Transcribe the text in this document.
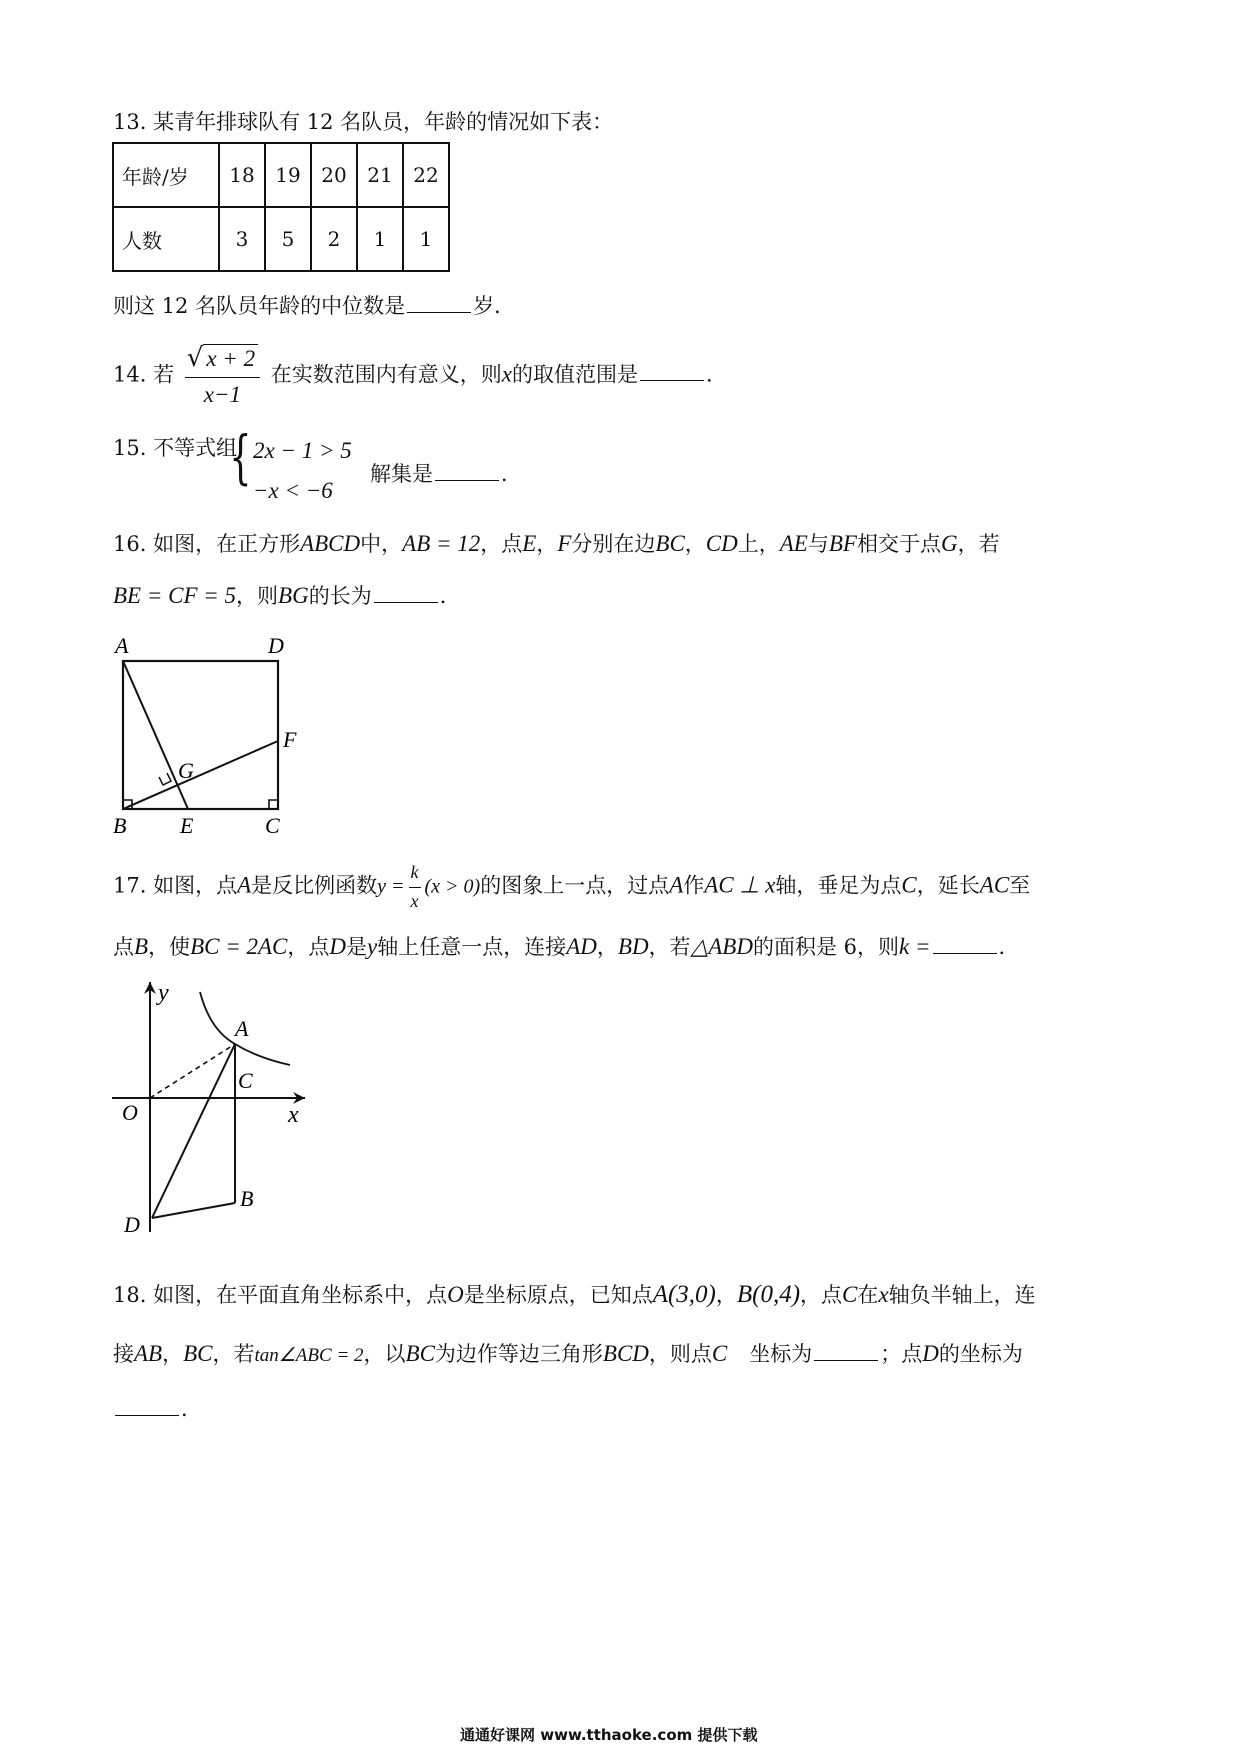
13. 某青年排球队有 12 名队员，年龄的情况如下表：
年龄/岁	18	19	20	21	22
人数	3	5	2	1	1
则这 12 名队员年龄的中位数是	岁．
14. 若 $\frac{√ x + 2}{x-1}$ 在实数范围内有意义，则x的取值范围是	．
15. 不等式组
{ 2x − 1 > 5
−x < −6
解集是	．
16. 如图，在正方形ABCD中，AB = 12，点E，F分别在边BC，CD上，AE与BF相交于点G，若
BE = CF = 5，则BG的长为	．
A	D
F
G
B E	C
17. 如图，点A是反比例函数$y = \frac{k}{x} (x > 0)$的图象上一点，过点A作AC ⊥ x轴，垂足为点C，延长AC至
点B，使BC = 2AC，点D是y轴上任意一点，连接AD，BD，若△ABD的面积是 6，则k =	．
y
A
C
O	x
B
D
18. 如图，在平面直角坐标系中，点O是坐标原点，已知点A(3,0)，B(0,4)，点C在x轴负半轴上，连
接AB，BC，若tan∠ABC = 2，以BC为边作等边三角形BCD，则点C 坐标为	；点D的坐标为
．
通通好课网 www.tthaoke.com 提供下载
